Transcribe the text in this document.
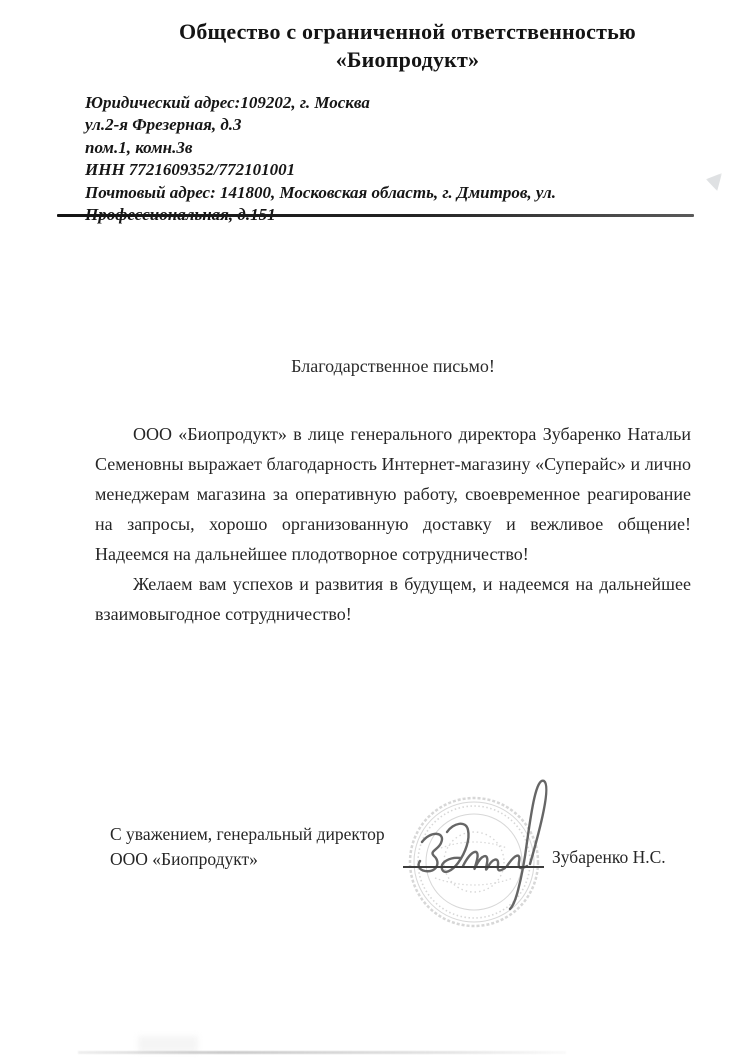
Общество с ограниченной ответственностью
«Биопродукт»
Юридический адрес:109202, г. Москва
ул.2-я Фрезерная, д.3
пом.1, комн.3в
ИНН 7721609352/772101001
Почтовый адрес: 141800, Московская область, г. Дмитров, ул.
Благодарственное письмо!
ООО «Биопродукт» в лице генерального директора Зубаренко Натальи
Семеновны выражает благодарность Интернет-магазину «Суперайс» и лично
менеджерам магазина за оперативную работу, своевременное реагирование
на запросы, хорошо организованную доставку и вежливое общение!
Надеемся на дальнейшее плодотворное сотрудничество!
Желаем вам успехов и развития в будущем, и надеемся на дальнейшее
взаимовыгодное сотрудничество!
Зубаренко Н.С.
С уважением, генеральный директор
ООО «Биопродукт»
